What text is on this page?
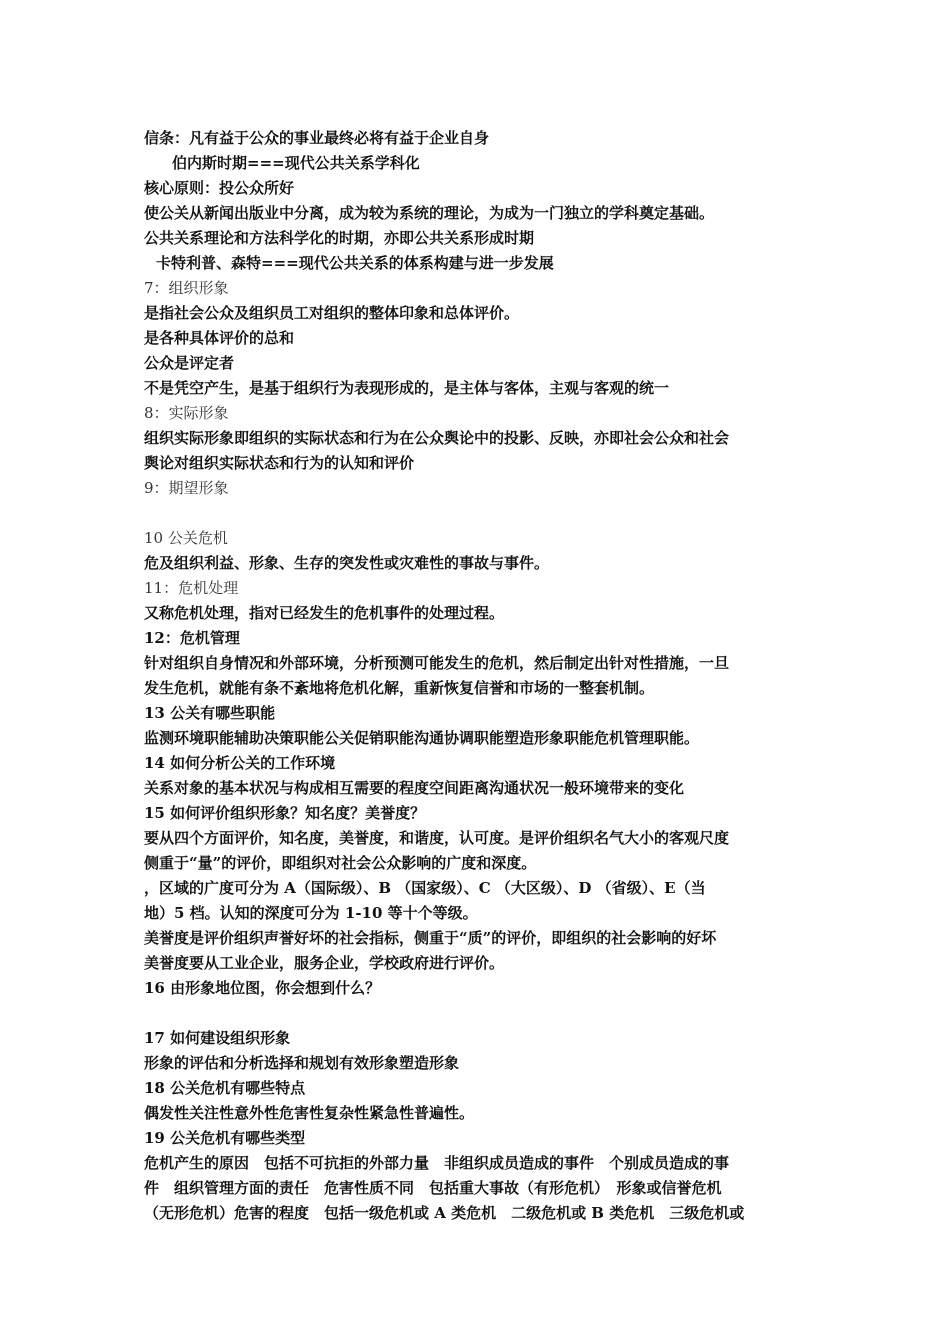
信条：凡有益于公众的事业最终必将有益于企业自身
伯内斯时期===现代公共关系学科化
核心原则：投公众所好
使公关从新闻出版业中分离，成为较为系统的理论，为成为一门独立的学科奠定基础。
公共关系理论和方法科学化的时期，亦即公共关系形成时期
卡特利普、森特===现代公共关系的体系构建与进一步发展
7：组织形象
是指社会公众及组织员工对组织的整体印象和总体评价。
是各种具体评价的总和
公众是评定者
不是凭空产生，是基于组织行为表现形成的，是主体与客体，主观与客观的统一
8：实际形象
组织实际形象即组织的实际状态和行为在公众舆论中的投影、反映，亦即社会公众和社会
舆论对组织实际状态和行为的认知和评价
9：期望形象
10 公关危机
危及组织利益、形象、生存的突发性或灾难性的事故与事件。
11：危机处理
又称危机处理，指对已经发生的危机事件的处理过程。
12：危机管理
针对组织自身情况和外部环境，分析预测可能发生的危机，然后制定出针对性措施，一旦
发生危机，就能有条不紊地将危机化解，重新恢复信誉和市场的一整套机制。
13 公关有哪些职能
监测环境职能辅助决策职能公关促销职能沟通协调职能塑造形象职能危机管理职能。
14 如何分析公关的工作环境
关系对象的基本状况与构成相互需要的程度空间距离沟通状况一般环境带来的变化
15 如何评价组织形象？知名度？美誉度？
要从四个方面评价，知名度，美誉度，和谐度，认可度。是评价组织名气大小的客观尺度
侧重于“量”的评价，即组织对社会公众影响的广度和深度。
，区域的广度可分为 A（国际级）、B （国家级）、C （大区级）、D （省级）、E（当
地）5 档。认知的深度可分为 1-10 等十个等级。
美誉度是评价组织声誉好坏的社会指标，侧重于“质”的评价，即组织的社会影响的好坏
美誉度要从工业企业，服务企业，学校政府进行评价。
16 由形象地位图，你会想到什么？
17 如何建设组织形象
形象的评估和分析选择和规划有效形象塑造形象
18 公关危机有哪些特点
偶发性关注性意外性危害性复杂性紧急性普遍性。
19 公关危机有哪些类型
危机产生的原因　包括不可抗拒的外部力量　非组织成员造成的事件　个别成员造成的事
件　组织管理方面的责任　危害性质不同　包括重大事故（有形危机）　形象或信誉危机
（无形危机）危害的程度　包括一级危机或 A 类危机　二级危机或 B 类危机　三级危机或
